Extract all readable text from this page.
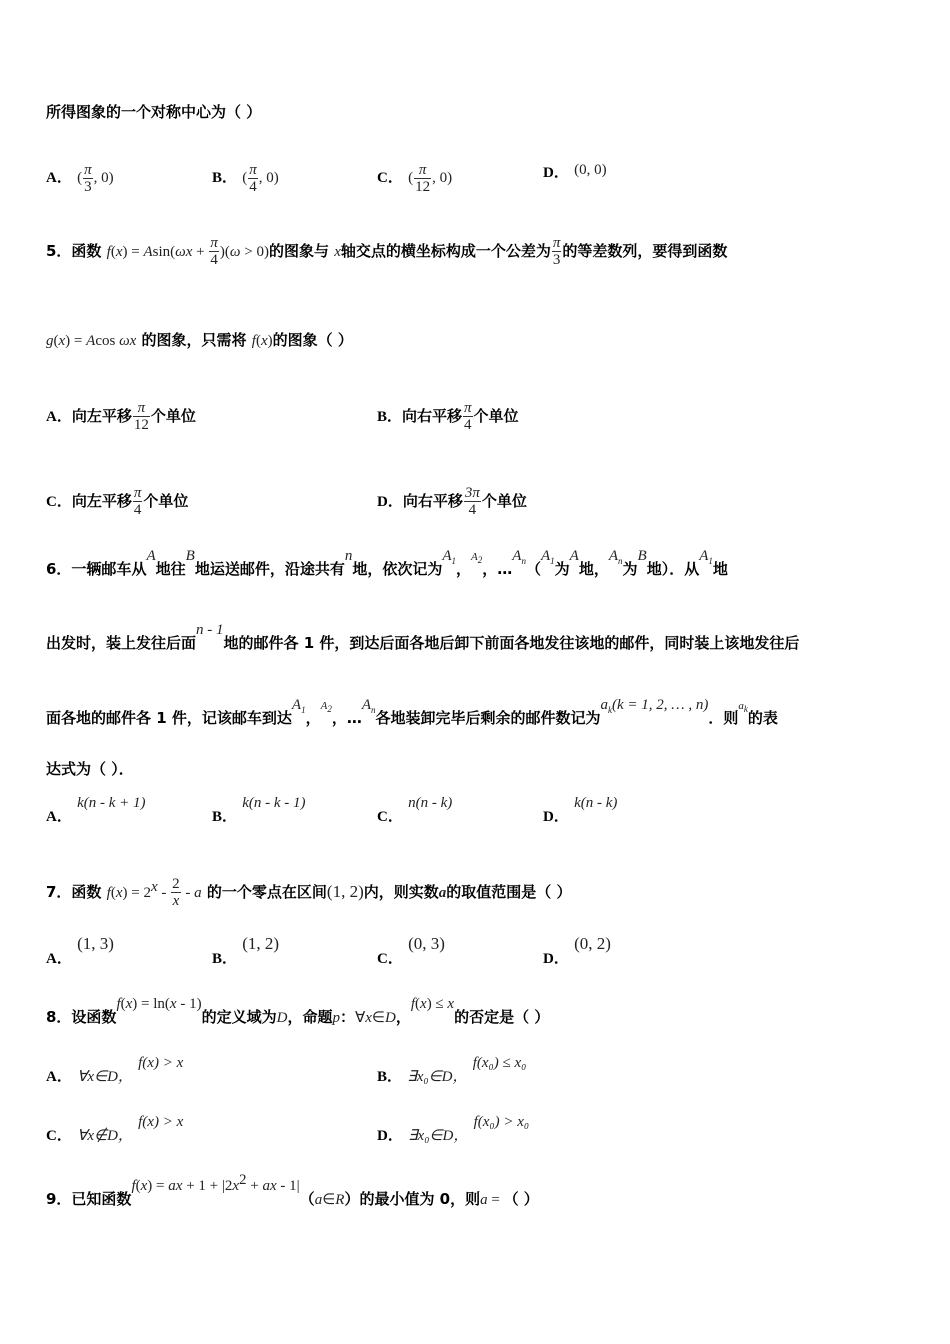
所得图象的一个对称中心为（ ）
A． ( $\frac{\pi}{3}$ , 0)	B． ( $\frac{\pi}{4}$ , 0)	C． ( $\frac{\pi}{12}$ , 0)	D． (0, 0)
5．函数 $f(x) = Asin(\omega x + \frac{\pi}{4} )(\omega > 0)$的图象与 x轴交点的横坐标构成一个公差为 $\frac{\pi}{3}$ 的等差数列，要得到函数
g(x) = Acos ωx 的图象，只需将 f(x)的图象（ ）
A．向左平移 $\frac{\pi}{12}$ 个单位	B．向右平移 $\frac{\pi}{4}$ 个单位
C．向左平移 $\frac{\pi}{4}$ 个单位	D．向右平移 $\frac{3\pi}{4}$ 个单位
6．一辆邮车从A地往B地运送邮件，沿途共有n地，依次记为$A_1$，$^{A_2}$，$\dots A_n(A_1$为A地，$A_n$为B地）．从$A_1$地
出发时，装上发往后面n - 1地的邮件各 1 件，到达后面各地后卸下前面各地发往该地的邮件，同时装上该地发往后
面各地的邮件各 1 件，记该邮车到达$A_1$，$^{A_2}$，$\dots A_n$各地装卸完毕后剩余的邮件数记为$a_k(k = 1$, 2, … , n)．则$^{a_k}$的表
达式为（ ）．
A． k(n - k + 1)
B． k(n - k - 1)
C． n(n - k)
D． k(n - k)
7．函数 $f(x) = 2^x - \frac{2}{x} - a$ 的一个零点在区间(1, 2)内，则实数a的取值范围是（ ）
A． (1, 3)
B． (1, 2)
C． (0, 3)
D． (0, 2)
8．设函数f(x) = ln(x - 1)的定义域为D，命题p：∀x∈D，f(x) ≤ x的否定是（ ）
A． ∀x∈D， f(x) > x
B． ∃x₀∈D， f(x₀) ≤ x₀
C． ∀x∉D， f(x) > x
D． ∃x₀∈D， f(x₀) > x₀
9．已知函数f(x) = ax + $1 + |2x^2$ + ax - 1|（a∈R）的最小值为 0，则a = （ ）
